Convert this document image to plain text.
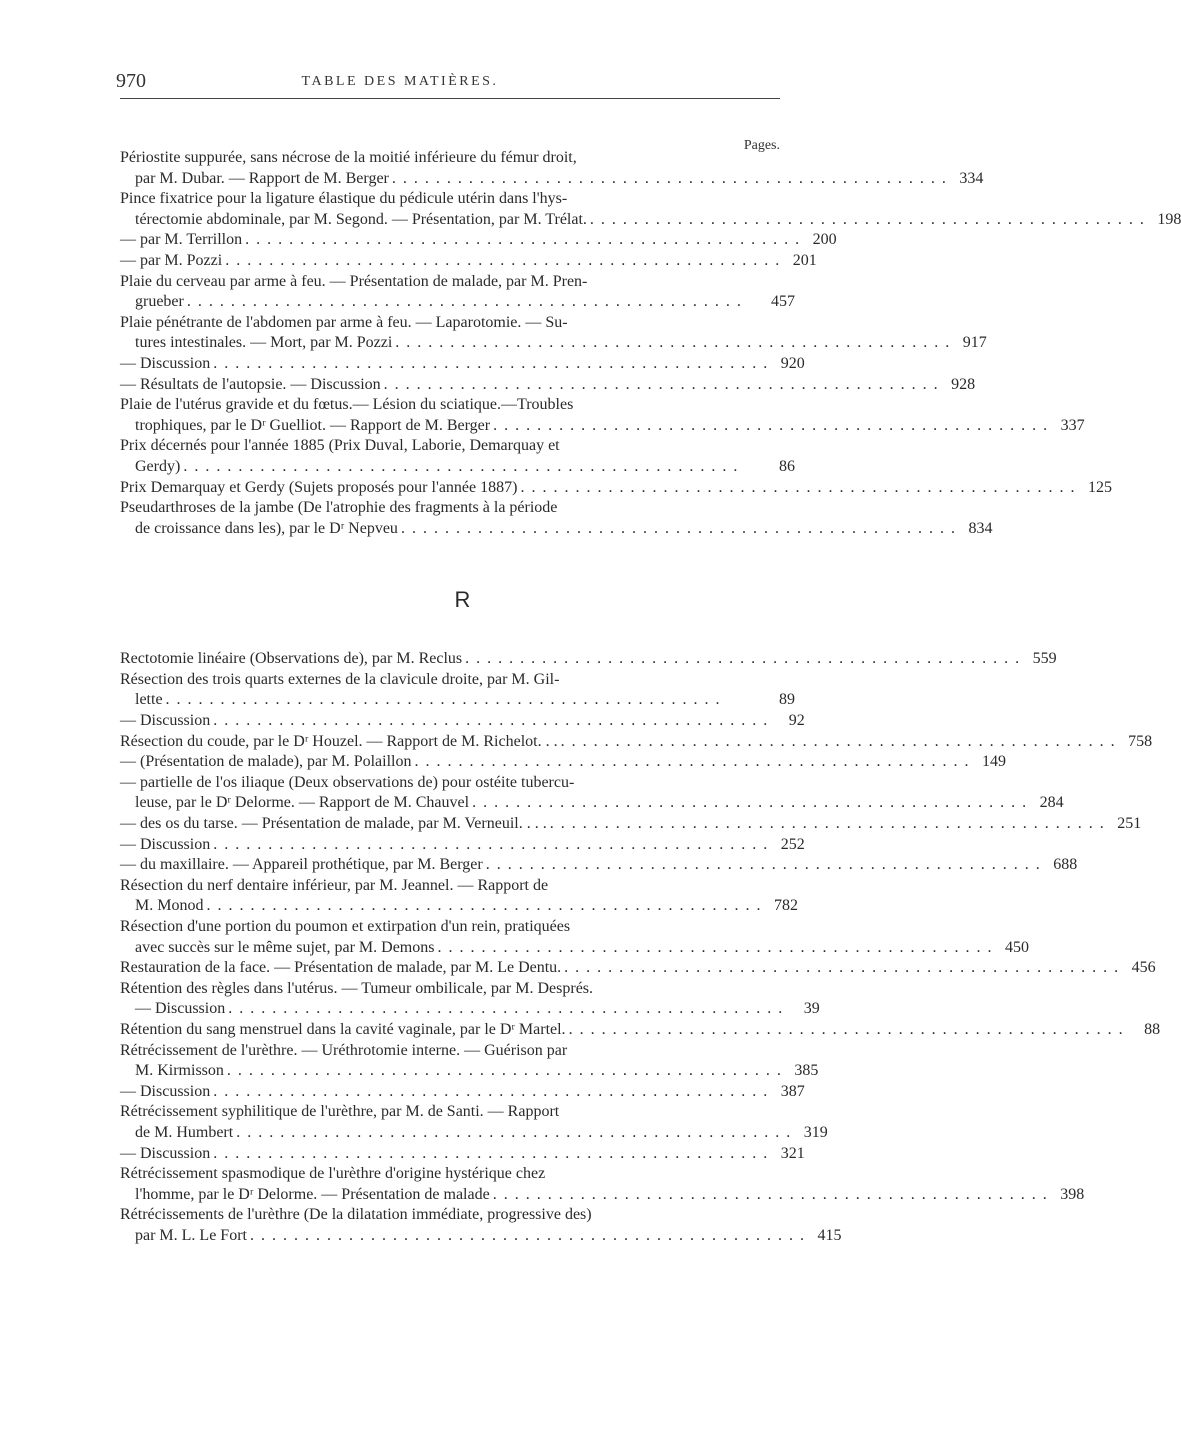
970	TABLE DES MATIÈRES.
Pages.
Périostite suppurée, sans nécrose de la moitié inférieure du fémur droit,
par M. Dubar. — Rapport de M. Berger . . . . . . . . . . . . . . . . . . . . . . . . . . . . . . . . . . . . . . . . . . . . . . . . . . . 334
Pince fixatrice pour la ligature élastique du pédicule utérin dans l'hys-
térectomie abdominale, par M. Segond. — Présentation, par M. Trélat. . . . . . . . . . . . . . . . . . . . . . . . . . . . . . . . . . . . . . . . . . . . . . . . . . . . 198
— par M. Terrillon . . . . . . . . . . . . . . . . . . . . . . . . . . . . . . . . . . . . . . . . . . . . . . . . . . . 200
— par M. Pozzi . . . . . . . . . . . . . . . . . . . . . . . . . . . . . . . . . . . . . . . . . . . . . . . . . . . 201
Plaie du cerveau par arme à feu. — Présentation de malade, par M. Pren-
grueber . . . . . . . . . . . . . . . . . . . . . . . . . . . . . . . . . . . . . . . . . . . . . . . . . . .	457
Plaie pénétrante de l'abdomen par arme à feu. — Laparotomie. — Su-
tures intestinales. — Mort, par M. Pozzi . . . . . . . . . . . . . . . . . . . . . . . . . . . . . . . . . . . . . . . . . . . . . . . . . . . 917
— Discussion . . . . . . . . . . . . . . . . . . . . . . . . . . . . . . . . . . . . . . . . . . . . . . . . . . . 920
— Résultats de l'autopsie. — Discussion . . . . . . . . . . . . . . . . . . . . . . . . . . . . . . . . . . . . . . . . . . . . . . . . . . . 928
Plaie de l'utérus gravide et du fœtus.— Lésion du sciatique.—Troubles
trophiques, par le Dʳ Guelliot. — Rapport de M. Berger . . . . . . . . . . . . . . . . . . . . . . . . . . . . . . . . . . . . . . . . . . . . . . . . . . . 337
Prix décernés pour l'année 1885 (Prix Duval, Laborie, Demarquay et
Gerdy) . . . . . . . . . . . . . . . . . . . . . . . . . . . . . . . . . . . . . . . . . . . . . . . . . . .	86
Prix Demarquay et Gerdy (Sujets proposés pour l'année 1887) . . . . . . . . . . . . . . . . . . . . . . . . . . . . . . . . . . . . . . . . . . . . . . . . . . . 125
Pseudarthroses de la jambe (De l'atrophie des fragments à la période
de croissance dans les), par le Dʳ Nepveu . . . . . . . . . . . . . . . . . . . . . . . . . . . . . . . . . . . . . . . . . . . . . . . . . . . 834
R
Rectotomie linéaire (Observations de), par M. Reclus . . . . . . . . . . . . . . . . . . . . . . . . . . . . . . . . . . . . . . . . . . . . . . . . . . . 559
Résection des trois quarts externes de la clavicule droite, par M. Gil-
lette . . . . . . . . . . . . . . . . . . . . . . . . . . . . . . . . . . . . . . . . . . . . . . . . . . .	89
— Discussion . . . . . . . . . . . . . . . . . . . . . . . . . . . . . . . . . . . . . . . . . . . . . . . . . . .	92
Résection du coude, par le Dʳ Houzel. — Rapport de M. Richelot. . . . . . . . . . . . . . . . . . . . . . . . . . . . . . . . . . . . . . . . . . . . . . . . . . . . . . 758
— (Présentation de malade), par M. Polaillon . . . . . . . . . . . . . . . . . . . . . . . . . . . . . . . . . . . . . . . . . . . . . . . . . . . 149
— partielle de l'os iliaque (Deux observations de) pour ostéite tubercu-
leuse, par le Dʳ Delorme. — Rapport de M. Chauvel . . . . . . . . . . . . . . . . . . . . . . . . . . . . . . . . . . . . . . . . . . . . . . . . . . . 284
— des os du tarse. — Présentation de malade, par M. Verneuil. . . . . . . . . . . . . . . . . . . . . . . . . . . . . . . . . . . . . . . . . . . . . . . . . . . . . . . 251
— Discussion . . . . . . . . . . . . . . . . . . . . . . . . . . . . . . . . . . . . . . . . . . . . . . . . . . . 252
— du maxillaire. — Appareil prothétique, par M. Berger . . . . . . . . . . . . . . . . . . . . . . . . . . . . . . . . . . . . . . . . . . . . . . . . . . . 688
Résection du nerf dentaire inférieur, par M. Jeannel. — Rapport de
M. Monod . . . . . . . . . . . . . . . . . . . . . . . . . . . . . . . . . . . . . . . . . . . . . . . . . . . 782
Résection d'une portion du poumon et extirpation d'un rein, pratiquées
avec succès sur le même sujet, par M. Demons . . . . . . . . . . . . . . . . . . . . . . . . . . . . . . . . . . . . . . . . . . . . . . . . . . . 450
Restauration de la face. — Présentation de malade, par M. Le Dentu. . . . . . . . . . . . . . . . . . . . . . . . . . . . . . . . . . . . . . . . . . . . . . . . . . . . 456
Rétention des règles dans l'utérus. — Tumeur ombilicale, par M. Després.
— Discussion . . . . . . . . . . . . . . . . . . . . . . . . . . . . . . . . . . . . . . . . . . . . . . . . . . .	39
Rétention du sang menstruel dans la cavité vaginale, par le Dʳ Martel. . . . . . . . . . . . . . . . . . . . . . . . . . . . . . . . . . . . . . . . . . . . . . . . . . . .	88
Rétrécissement de l'urèthre. — Uréthrotomie interne. — Guérison par
M. Kirmisson . . . . . . . . . . . . . . . . . . . . . . . . . . . . . . . . . . . . . . . . . . . . . . . . . . . 385
— Discussion . . . . . . . . . . . . . . . . . . . . . . . . . . . . . . . . . . . . . . . . . . . . . . . . . . . 387
Rétrécissement syphilitique de l'urèthre, par M. de Santi. — Rapport
de M. Humbert . . . . . . . . . . . . . . . . . . . . . . . . . . . . . . . . . . . . . . . . . . . . . . . . . . . 319
— Discussion . . . . . . . . . . . . . . . . . . . . . . . . . . . . . . . . . . . . . . . . . . . . . . . . . . . 321
Rétrécissement spasmodique de l'urèthre d'origine hystérique chez
l'homme, par le Dʳ Delorme. — Présentation de malade . . . . . . . . . . . . . . . . . . . . . . . . . . . . . . . . . . . . . . . . . . . . . . . . . . . 398
Rétrécissements de l'urèthre (De la dilatation immédiate, progressive des)
par M. L. Le Fort . . . . . . . . . . . . . . . . . . . . . . . . . . . . . . . . . . . . . . . . . . . . . . . . . . . 415
